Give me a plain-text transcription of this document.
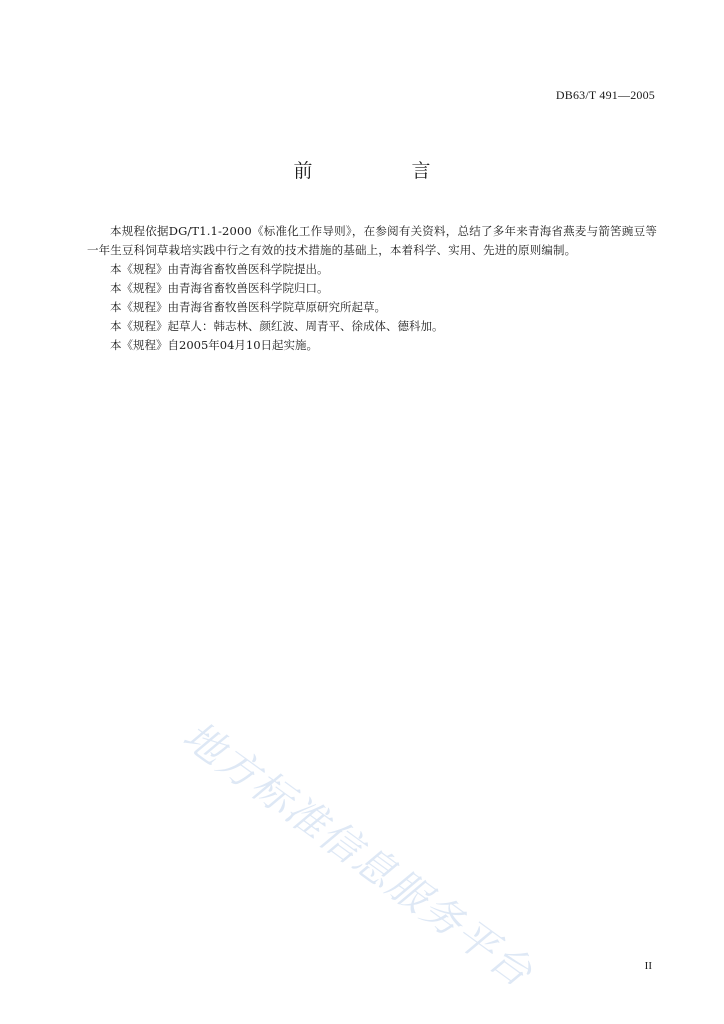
DB63/T 491—2005
前　言

本规程依据DG/T1.1-2000《标准化工作导则》，在参阅有关资料，总结了多年来青海省燕麦与箭筈豌豆等一年生豆科饲草栽培实践中行之有效的技术措施的基础上，本着科学、实用、先进的原则编制。

本《规程》由青海省畜牧兽医科学院提出。

本《规程》由青海省畜牧兽医科学院归口。

本《规程》由青海省畜牧兽医科学院草原研究所起草。

本《规程》起草人：韩志林、颜红波、周青平、徐成体、德科加。

本《规程》自2005年04月10日起实施。

地方标准信息服务平台	II
